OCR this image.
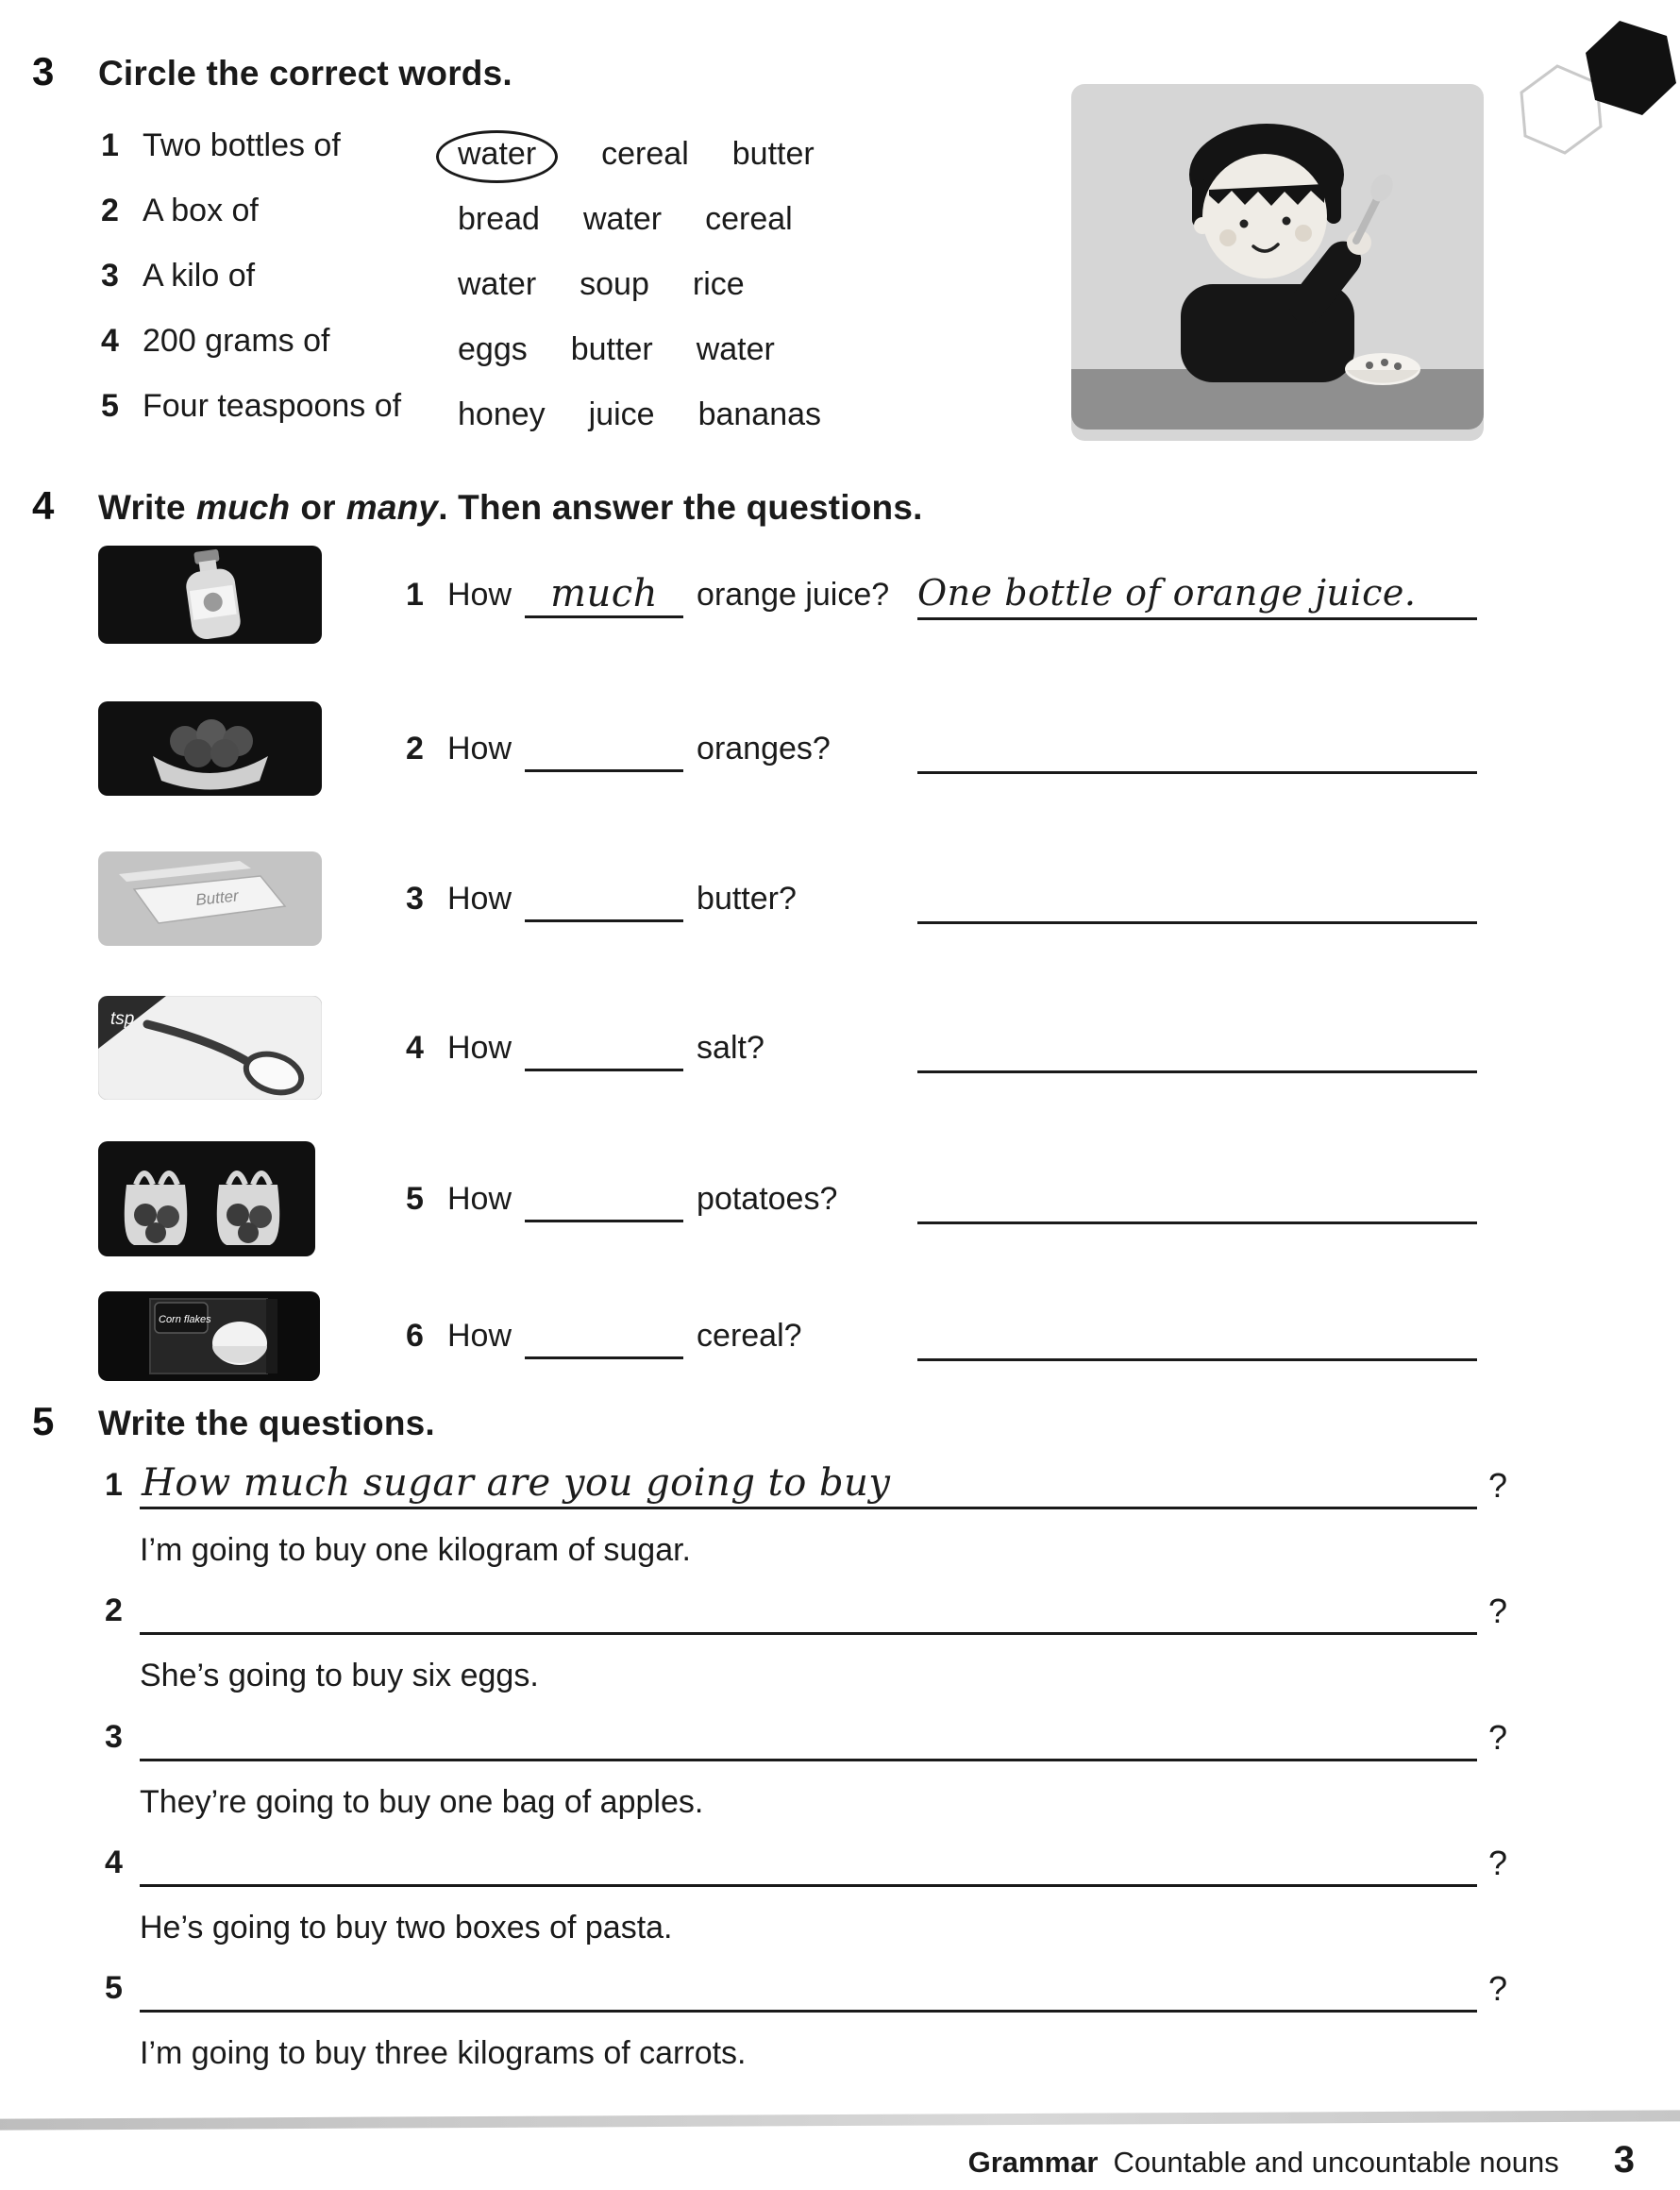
3	Circle the correct words.
1 Two bottles of	water	cereal butter
2 A box of	bread water cereal
3 A kilo of	water soup rice
4 200 grams of	eggs butter water
5 Four teaspoons of	honey juice bananas
4	Write much or many. Then answer the questions.
1 How	much	orange juice? One bottle of orange juice.
2 How	oranges?
Butter	3 How	butter?
tsp
4 How	salt?
5 How	potatoes?
Corn flakes	6 How	cereal?
5	Write the questions.
1 How much sugar are you going to buy	?
I’m going to buy one kilogram of sugar.
2	?
She’s going to buy six eggs.
3	?
They’re going to buy one bag of apples.
4	?
He’s going to buy two boxes of pasta.
5	?
I’m going to buy three kilograms of carrots.
Grammar Countable and uncountable nouns 3
